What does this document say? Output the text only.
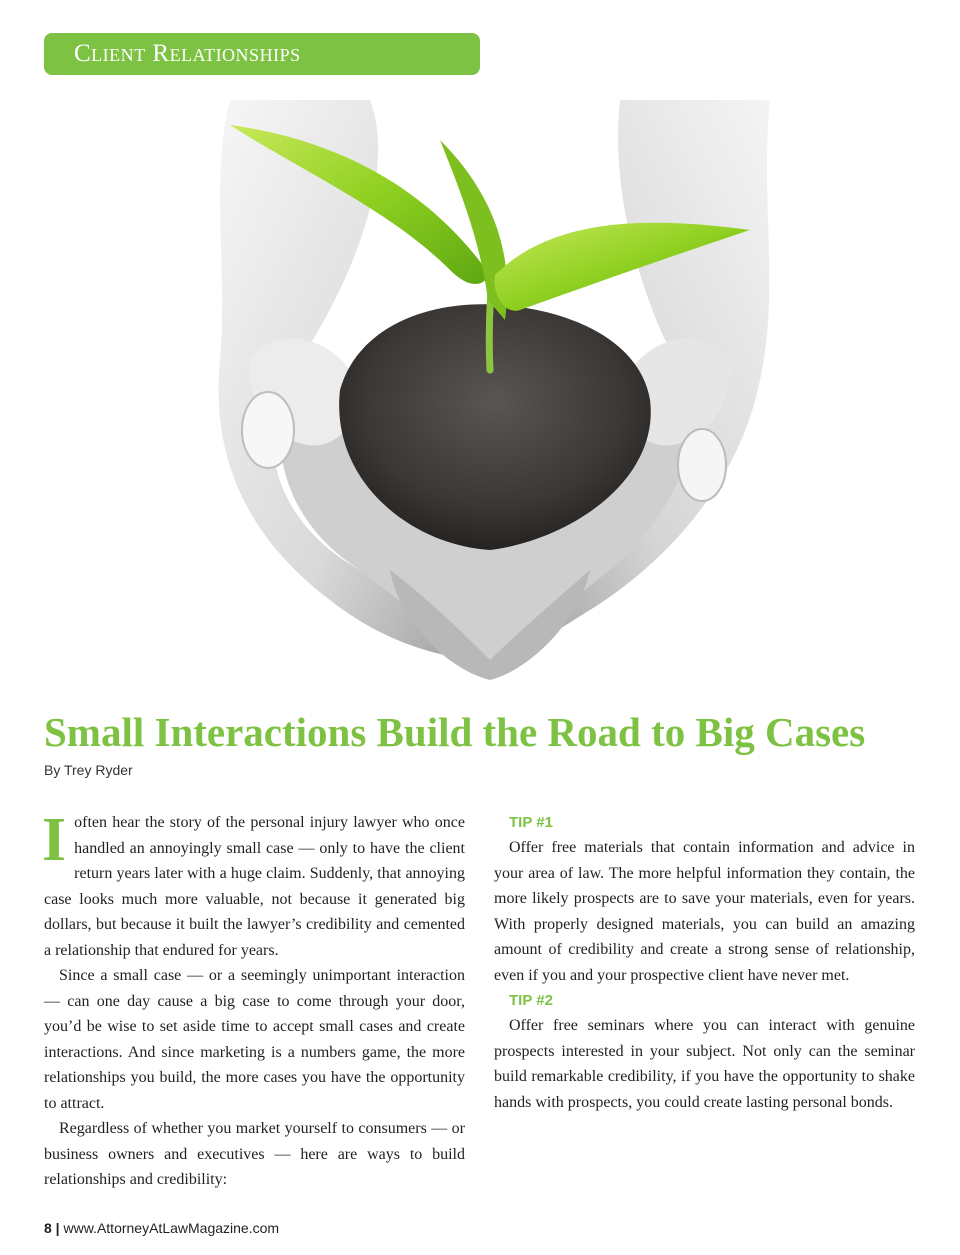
Client Relationships
Small Interactions Build the Road to Big Cases
By Trey Ryder

Ioften hear the story of the personal injury lawyer who once handled an annoyingly small case — only to have the client return years later with a huge claim. Suddenly, that annoying case looks much more valuable, not because it generated big dollars, but because it built the lawyer’s credibility and cemented a relationship that endured for years.

Since a small case — or a seemingly unimportant interaction — can one day cause a big case to come through your door, you’d be wise to set aside time to accept small cases and create interactions. And since marketing is a numbers game, the more relationships you build, the more cases you have the opportunity to attract.

Regardless of whether you market yourself to consumers — or business owners and executives — here are ways to build relationships and credibility:

TIP #1

Offer free materials that contain information and advice in your area of law. The more helpful information they contain, the more likely prospects are to save your materials, even for years. With properly designed materials, you can build an amazing amount of credibility and create a strong sense of relationship, even if you and your prospective client have never met.

TIP #2

Offer free seminars where you can interact with genuine prospects interested in your subject. Not only can the seminar build remarkable credibility, if you have the opportunity to shake hands with prospects, you could create lasting personal bonds.

8 | www.AttorneyAtLawMagazine.com
